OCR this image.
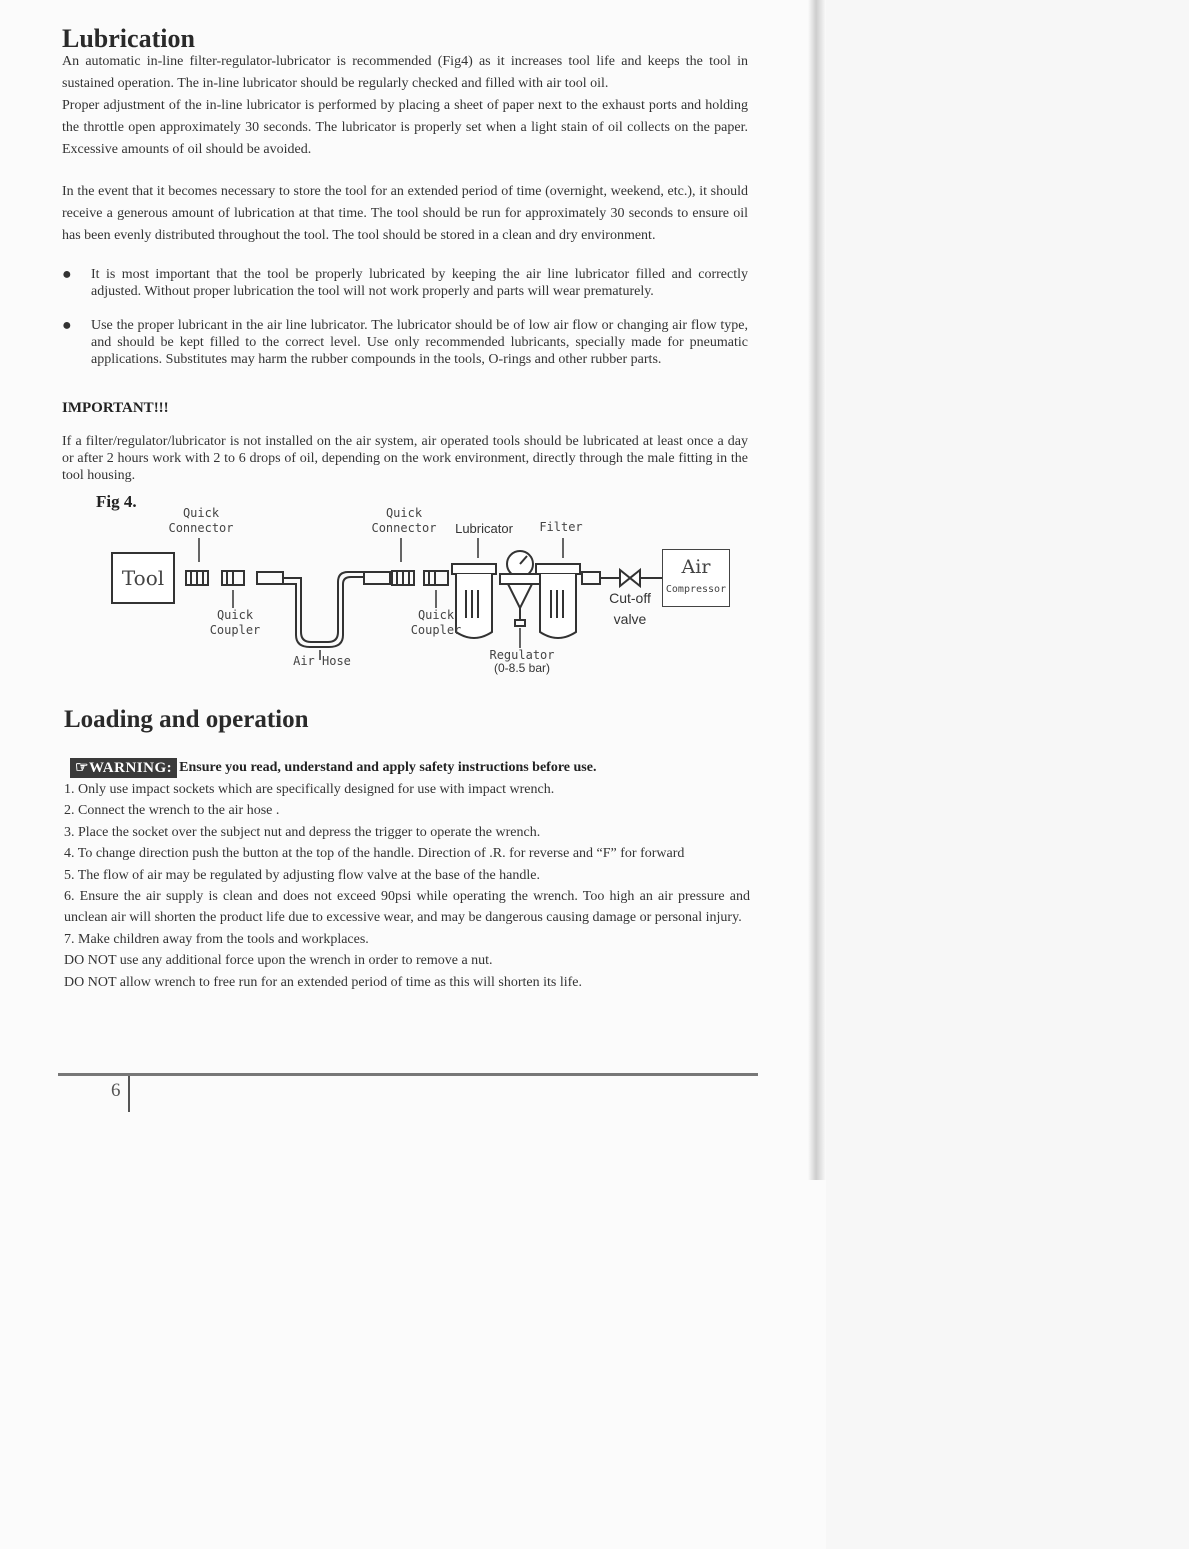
Lubrication

An automatic in-line filter-regulator-lubricator is recommended (Fig4) as it increases tool life and keeps the tool in sustained operation. The in-line lubricator should be regularly checked and filled with air tool oil.

Proper adjustment of the in-line lubricator is performed by placing a sheet of paper next to the exhaust ports and holding the throttle open approximately 30 seconds. The lubricator is properly set when a light stain of oil collects on the paper. Excessive amounts of oil should be avoided.

In the event that it becomes necessary to store the tool for an extended period of time (overnight, weekend, etc.), it should receive a generous amount of lubrication at that time. The tool should be run for approximately 30 seconds to ensure oil has been evenly distributed throughout the tool. The tool should be stored in a clean and dry environment.

● It is most important that the tool be properly lubricated by keeping the air line lubricator filled and correctly adjusted. Without proper lubrication the tool will not work properly and parts will wear prematurely.
● Use the proper lubricant in the air line lubricator. The lubricator should be of low air flow or changing air flow type, and should be kept filled to the correct level. Use only recommended lubricants, specially made for pneumatic applications. Substitutes may harm the rubber compounds in the tools, O-rings and other rubber parts.

IMPORTANT!!!

If a filter/regulator/lubricator is not installed on the air system, air operated tools should be lubricated at least once a day or after 2 hours work with 2 to 6 drops of oil, depending on the work environment, directly through the male fitting in the tool housing.

Fig 4.
Tool
Quick
Connector
Quick
Coupler
Air Hose
Quick
Connector
Quick
Coupler
Lubricator	Filter
Regulator
(0-8.5 bar)
Cut-off
valve
Air
Compressor
Loading and operation
☞WARNING: Ensure you read, understand and apply safety instructions before use.
1. Only use impact sockets which are specifically designed for use with impact wrench.
2. Connect the wrench to the air hose .
3. Place the socket over the subject nut and depress the trigger to operate the wrench.
4. To change direction push the button at the top of the handle. Direction of .R. for reverse and “F” for forward
5. The flow of air may be regulated by adjusting flow valve at the base of the handle.
6. Ensure the air supply is clean and does not exceed 90psi while operating the wrench. Too high an air pressure and unclean air will shorten the product life due to excessive wear, and may be dangerous causing damage or personal injury.
7. Make children away from the tools and workplaces.
DO NOT use any additional force upon the wrench in order to remove a nut.
DO NOT allow wrench to free run for an extended period of time as this will shorten its life.
6
